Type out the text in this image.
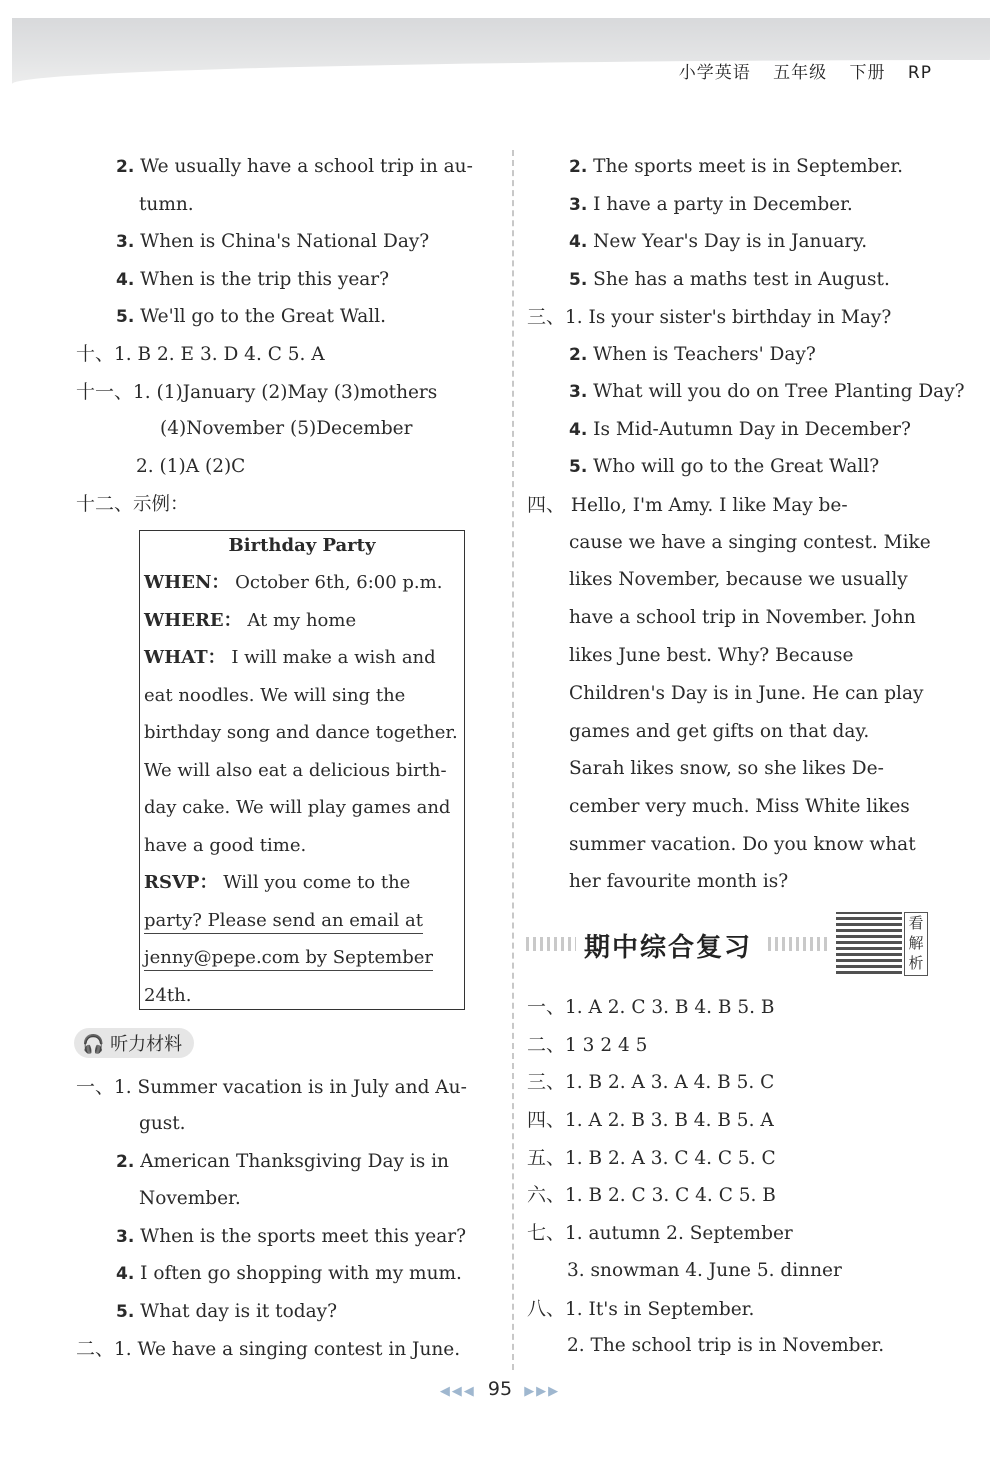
小学英语 五年级 下册 RP
2. We usually have a school trip in au-
tumn.
3. When is China's National Day?
4. When is the trip this year?
5. We'll go to the Great Wall.
十、1. B 2. E 3. D 4. C 5. A
十一、1. (1)January (2)May (3)mothers
(4)November (5)December
2. (1)A (2)C
十二、示例：
Birthday Party
WHEN： October 6th, 6:00 p.m.
WHERE： At my home
WHAT： I will make a wish and
eat noodles. We will sing the
birthday song and dance together.
We will also eat a delicious birth-
day cake. We will play games and
have a good time.
RSVP： Will you come to the
party? Please send an email at
jenny@pepe.com by September
24th.
🎧 听力材料
一、1. Summer vacation is in July and Au-
gust.
2. American Thanksgiving Day is in
November.
3. When is the sports meet this year?
4. I often go shopping with my mum.
5. What day is it today?
二、1. We have a singing contest in June.
2. The sports meet is in September.
3. I have a party in December.
4. New Year's Day is in January.
5. She has a maths test in August.
三、1. Is your sister's birthday in May?
2. When is Teachers' Day?
3. What will you do on Tree Planting Day?
4. Is Mid-Autumn Day in December?
5. Who will go to the Great Wall?
四、 Hello, I'm Amy. I like May be-
cause we have a singing contest. Mike
likes November, because we usually
have a school trip in November. John
likes June best. Why? Because
Children's Day is in June. He can play
games and get gifts on that day.
Sarah likes snow, so she likes De-
cember very much. Miss White likes
summer vacation. Do you know what
her favourite month is?
期中综合复习
看解析
一、1. A 2. C 3. B 4. B 5. B
二、1 3 2 4 5
三、1. B 2. A 3. A 4. B 5. C
四、1. A 2. B 3. B 4. B 5. A
五、1. B 2. A 3. C 4. C 5. C
六、1. B 2. C 3. C 4. C 5. B
七、1. autumn 2. September
3. snowman 4. June 5. dinner
八、1. It's in September.
2. The school trip is in November.
◀◀◀ 95 ▶▶▶
